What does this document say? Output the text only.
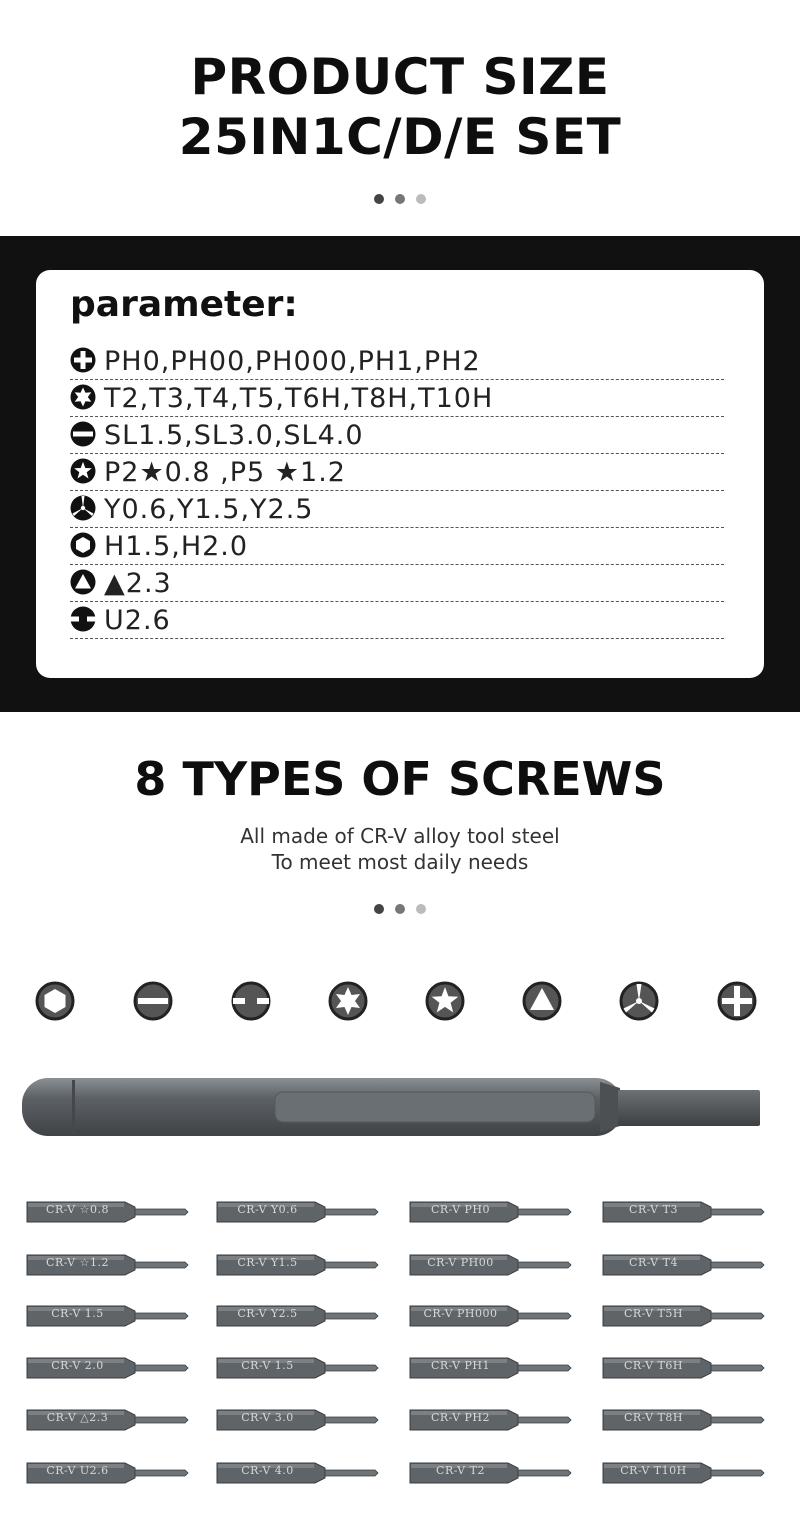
PRODUCT SIZE
25IN1C/D/E SET
parameter:
PH0,PH00,PH000,PH1,PH2
T2,T3,T4,T5,T6H,T8H,T10H
SL1.5,SL3.0,SL4.0
P2★0.8 ,P5 ★1.2
Y0.6,Y1.5,Y2.5
H1.5,H2.0
▲2.3
U2.6
8 TYPES OF SCREWS
All made of CR-V alloy tool steel
To meet most daily needs
CR-V ☆0.8
CR-V ☆1.2
CR-V 1.5
CR-V 2.0
CR-V △2.3
CR-V U2.6
CR-V Y0.6
CR-V Y1.5
CR-V Y2.5
CR-V 1.5
CR-V 3.0
CR-V 4.0
CR-V PH0
CR-V PH00
CR-V PH000
CR-V PH1
CR-V PH2
CR-V T2
CR-V T3
CR-V T4
CR-V T5H
CR-V T6H
CR-V T8H
CR-V T10H
